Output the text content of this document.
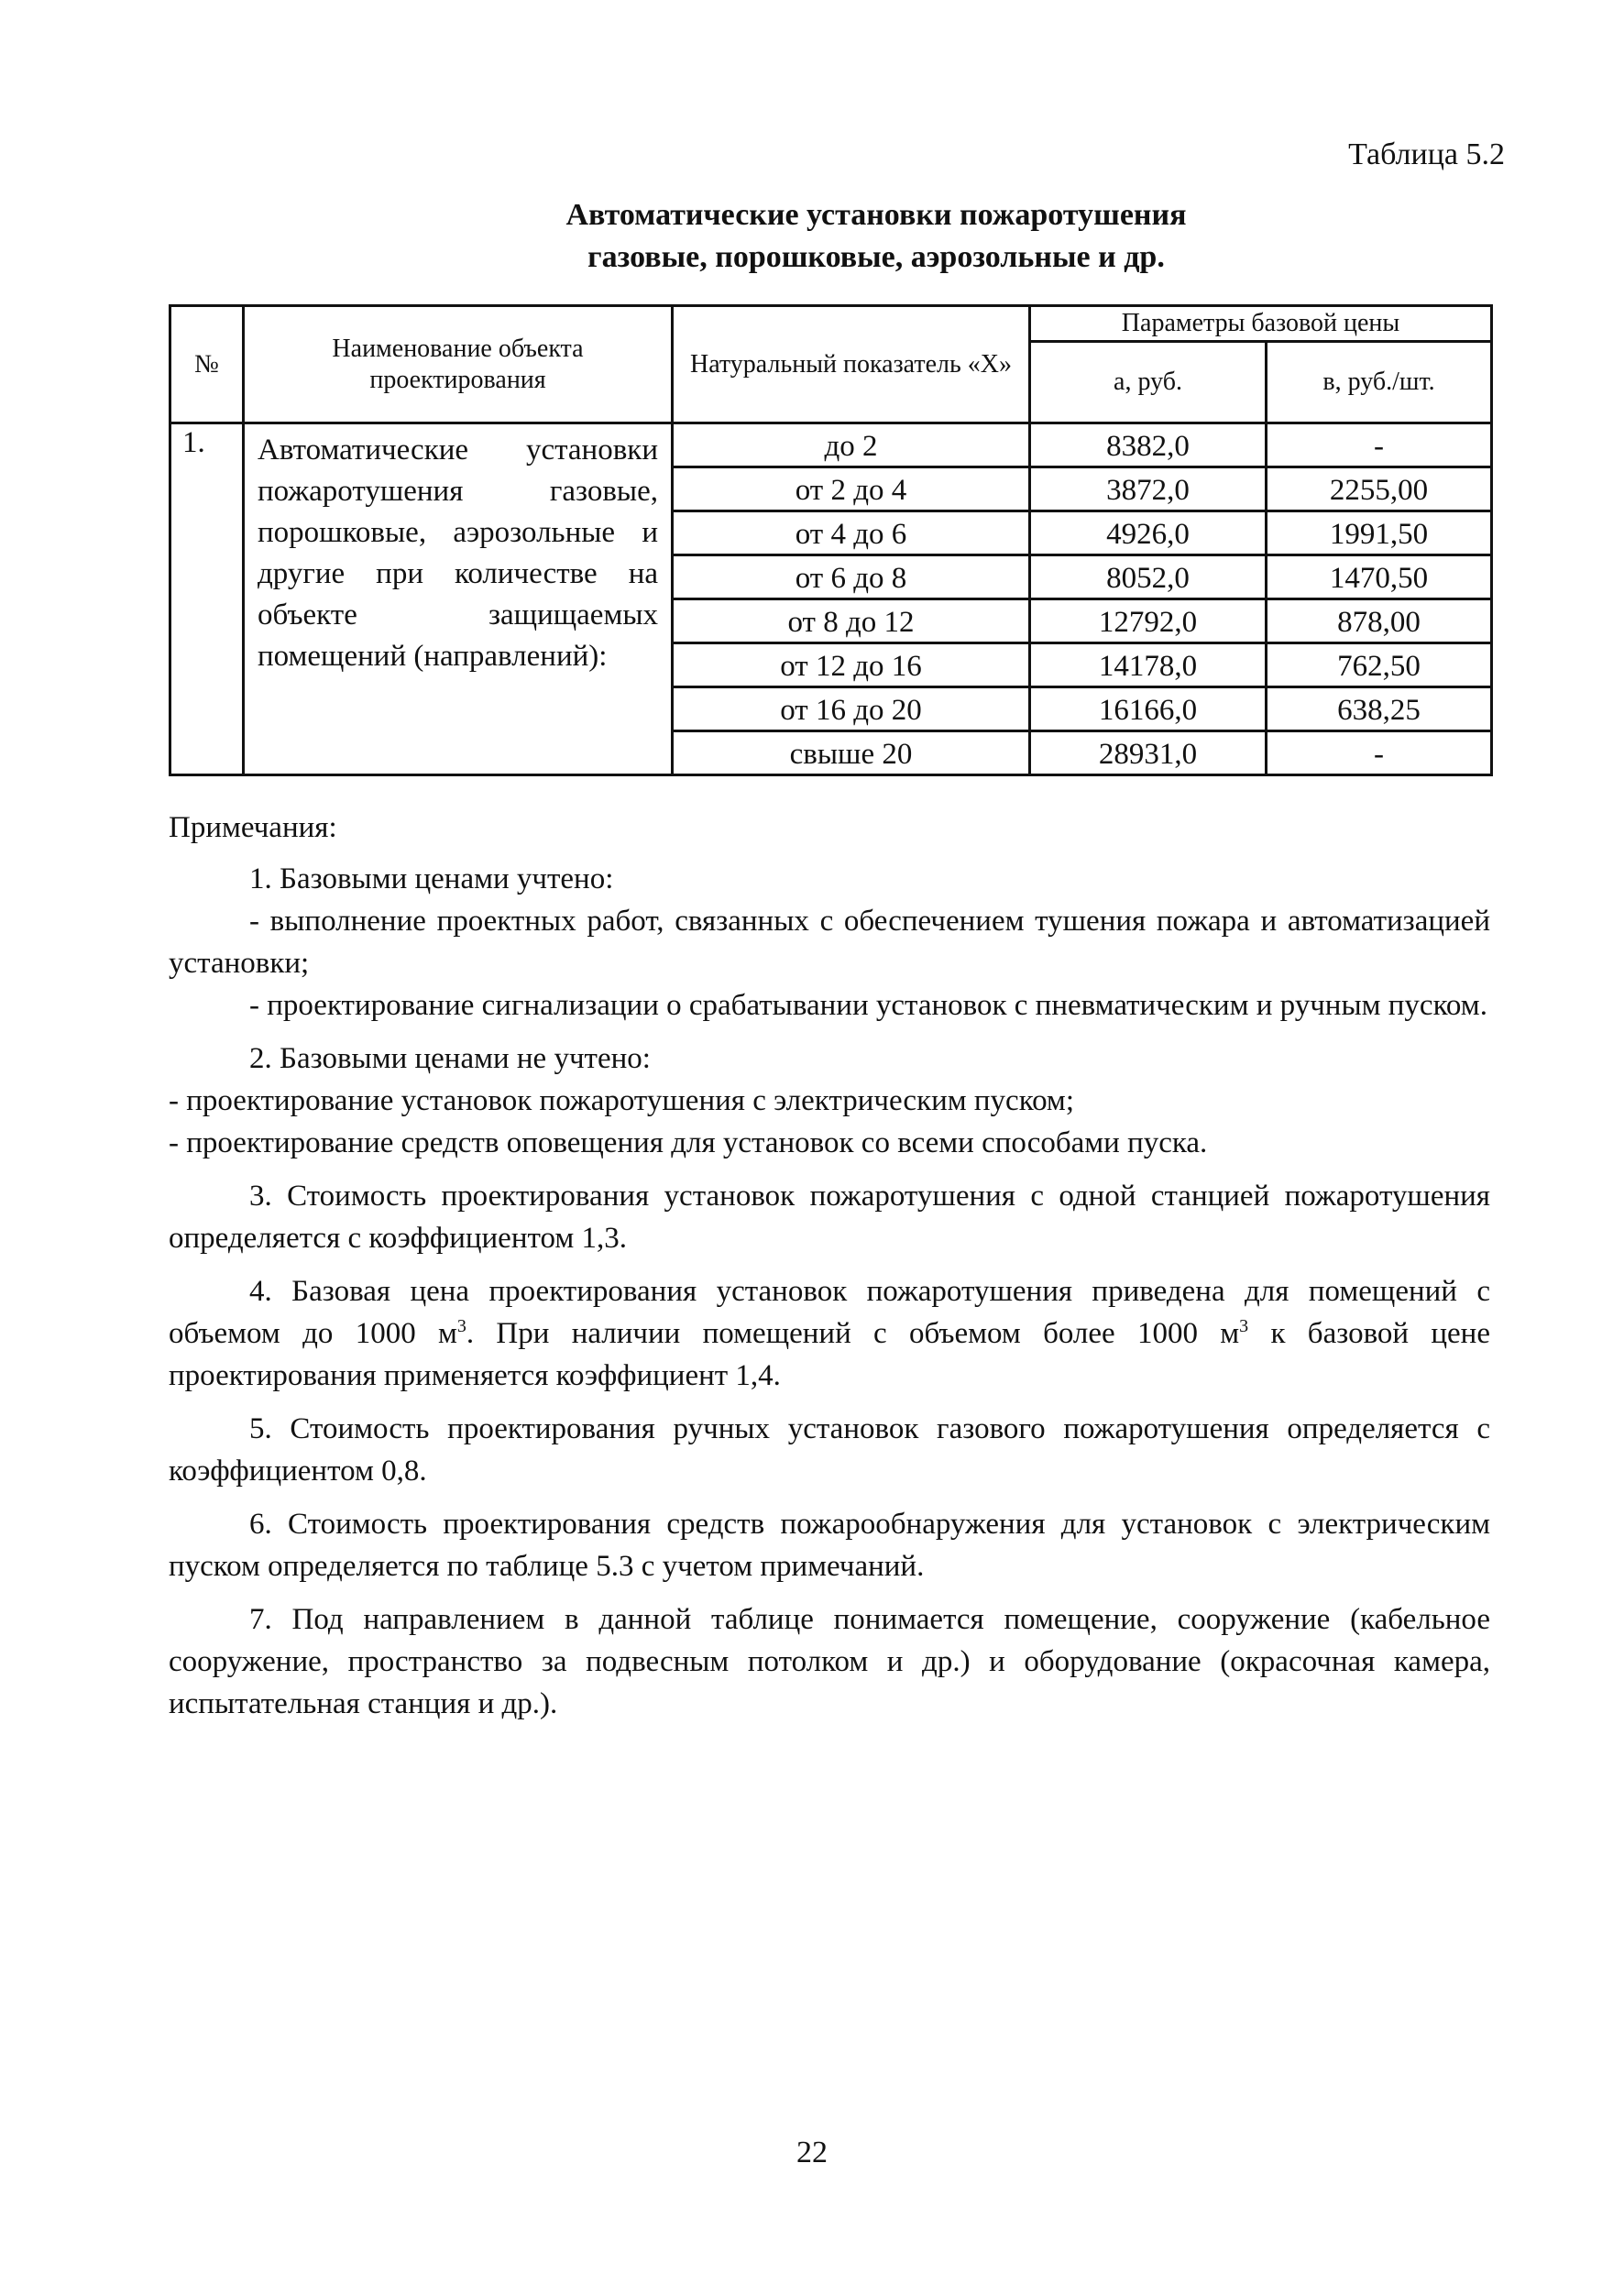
Таблица 5.2
Автоматические установки пожаротушения
газовые, порошковые, аэрозольные и др.
№	Наименование объекта проектирования	Натуральный показатель «X»	Параметры базовой цены	
			а, руб.	в, руб./шт.
1.	Автоматические установки пожаротушения газовые, порошковые, аэрозольные и другие при количестве на объекте защищаемых помещений (направлений):	до 2	8382,0	-
		от 2 до 4	3872,0	2255,00
		от 4 до 6	4926,0	1991,50
		от 6 до 8	8052,0	1470,50
		от 8 до 12	12792,0	878,00
		от 12 до 16	14178,0	762,50
		от 16 до 20	16166,0	638,25
		свыше 20	28931,0	-
Примечания:

1. Базовыми ценами учтено:

- выполнение проектных работ, связанных с обеспечением тушения пожара и автоматизацией установки;

- проектирование сигнализации о срабатывании установок с пневматическим и ручным пуском.

2. Базовыми ценами не учтено:

- проектирование установок пожаротушения с электрическим пуском;

- проектирование средств оповещения для установок со всеми способами пуска.

3. Стоимость проектирования установок пожаротушения с одной станцией пожаротушения определяется с коэффициентом 1,3.

4. Базовая цена проектирования установок пожаротушения приведена для помещений с объемом до 1000 $м^3$. При наличии помещений с объемом более 1000 $м^3$ к базовой цене проектирования применяется коэффициент 1,4.

5. Стоимость проектирования ручных установок газового пожаротушения определяется с коэффициентом 0,8.

6. Стоимость проектирования средств пожарообнаружения для установок с электрическим пуском определяется по таблице 5.3 с учетом примечаний.

7. Под направлением в данной таблице понимается помещение, сооружение (кабельное сооружение, пространство за подвесным потолком и др.) и оборудование (окрасочная камера, испытательная станция и др.).

22
